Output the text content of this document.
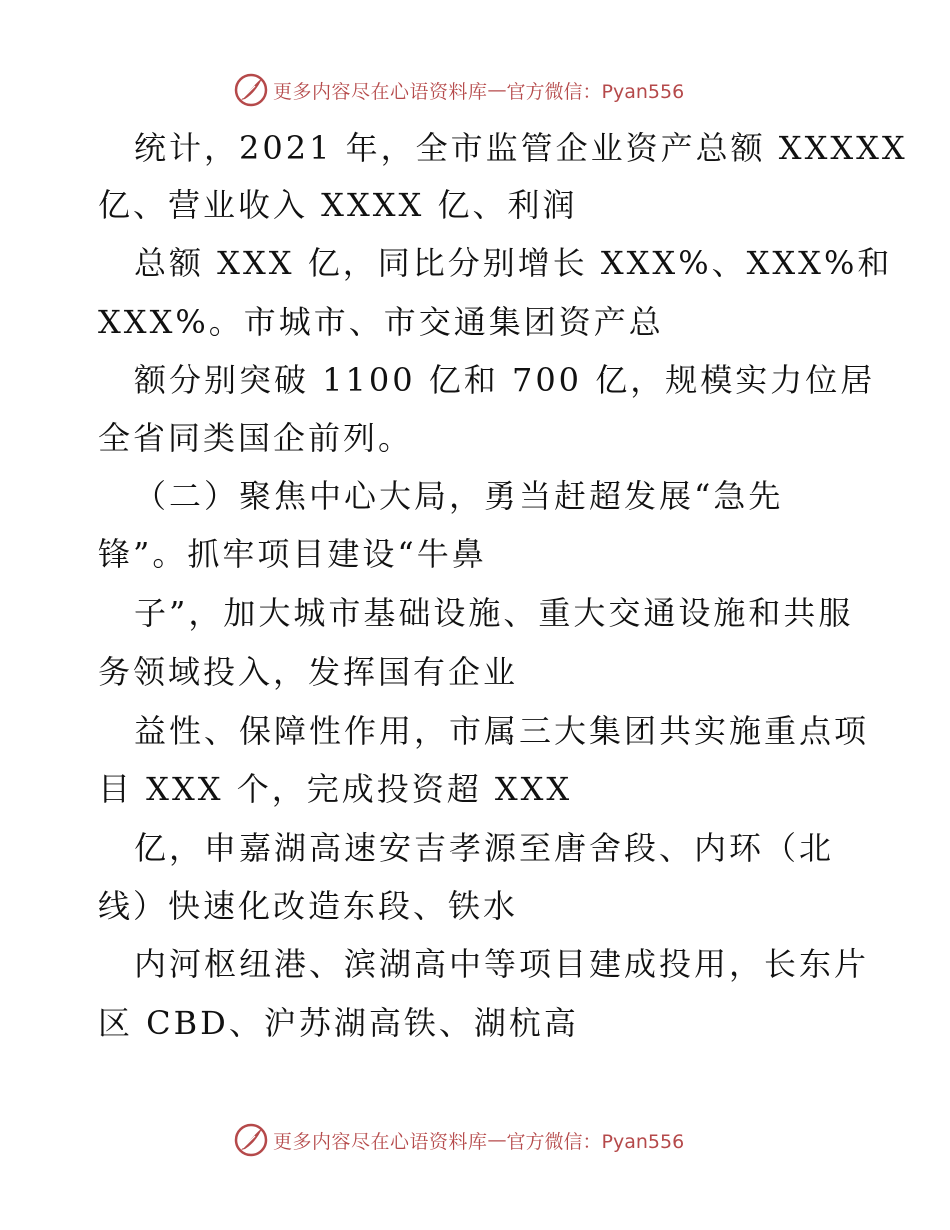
更多内容尽在心语资料库 — 官方微信：Pyan556
统计，2021 年，全市监管企业资产总额 XXXXX
亿、营业收入 XXXX 亿、利润
总额 XXX 亿，同比分别增长 XXX%、XXX%和
XXX%。市城市、市交通集团资产总
额分别突破 1100 亿和 700 亿，规模实力位居
全省同类国企前列。
（二）聚焦中心大局，勇当赶超发展“急先
锋”。抓牢项目建设“牛鼻
子”，加大城市基础设施、重大交通设施和共服
务领域投入，发挥国有企业
益性、保障性作用，市属三大集团共实施重点项
目 XXX 个，完成投资超 XXX
亿，申嘉湖高速安吉孝源至唐舍段、内环（北
线）快速化改造东段、铁水
内河枢纽港、滨湖高中等项目建成投用，长东片
区 CBD、沪苏湖高铁、湖杭高
更多内容尽在心语资料库 — 官方微信：Pyan556
